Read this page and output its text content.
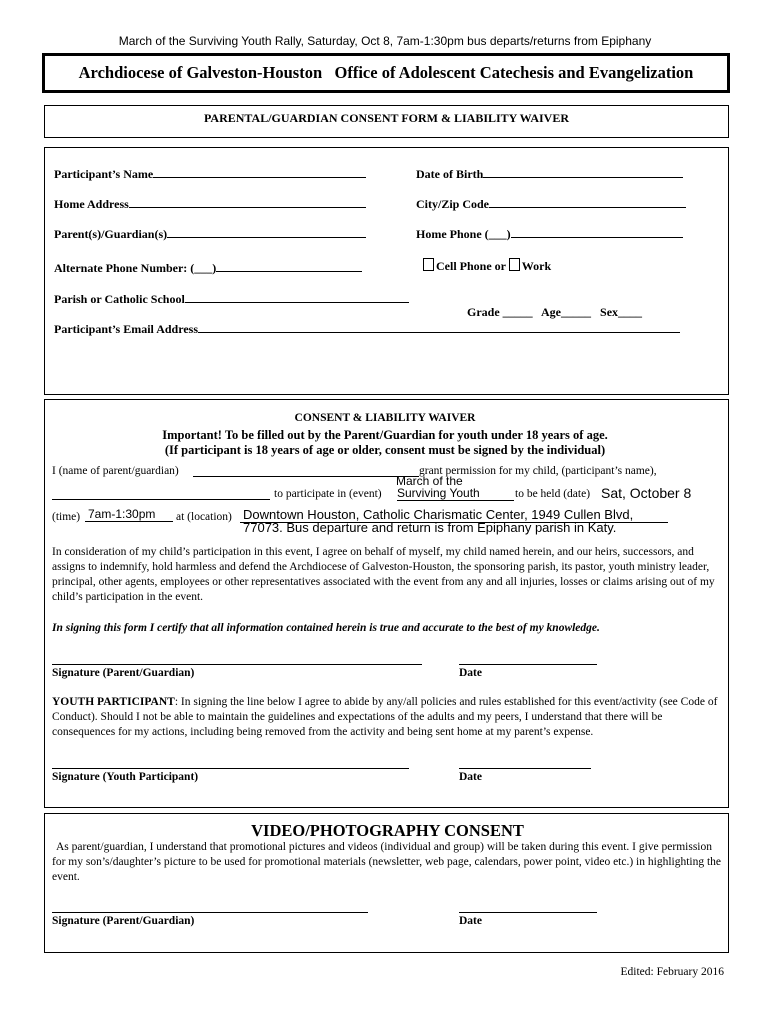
March of the Surviving Youth Rally, Saturday, Oct 8, 7am-1:30pm bus departs/returns from Epiphany
Archdiocese of Galveston-Houston   Office of Adolescent Catechesis and Evangelization
PARENTAL/GUARDIAN CONSENT FORM & LIABILITY WAIVER
Participant’s Name	Date of Birth
Home Address	City/Zip Code
Parent(s)/Guardian(s)	Home Phone (___)
Alternate Phone Number: (___)	Cell Phone or Work
Parish or Catholic School

Grade _____ Age_____ Sex____

Participant’s Email Address
CONSENT & LIABILITY WAIVER
Important! To be filled out by the Parent/Guardian for youth under 18 years of age.
(If participant is 18 years of age or older, consent must be signed by the individual)
I (name of parent/guardian)	grant permission for my child, (participant’s name),
March of the
to participate in (event) Surviving Youth	to be held (date) Sat, October 8
(time) 7am-1:30pm	at (location) Downtown Houston, Catholic Charismatic Center, 1949 Cullen Blvd,
77073. Bus departure and return is from Epiphany parish in Katy.

In consideration of my child’s participation in this event, I agree on behalf of myself, my child named herein, and our heirs, successors, and assigns to indemnify, hold harmless and defend the Archdiocese of Galveston-Houston, the sponsoring parish, its pastor, youth ministry leader, principal, other agents, employees or other representatives associated with the event from any and all injuries, losses or claims arising out of my child’s participation in the event.

In signing this form I certify that all information contained herein is true and accurate to the best of my knowledge.
Signature (Parent/Guardian)	Date

YOUTH PARTICIPANT: In signing the line below I agree to abide by any/all policies and rules established for this event/activity (see Code of Conduct). Should I not be able to maintain the guidelines and expectations of the adults and my peers, I understand that there will be consequences for my actions, including being removed from the activity and being sent home at my parent’s expense.

Signature (Youth Participant)	Date
VIDEO/PHOTOGRAPHY CONSENT

As parent/guardian, I understand that promotional pictures and videos (individual and group) will be taken during this event. I give permission for my son’s/daughter’s picture to be used for promotional materials (newsletter, web page, calendars, power point, video etc.) in highlighting the event.

Signature (Parent/Guardian)	Date
Edited: February 2016
